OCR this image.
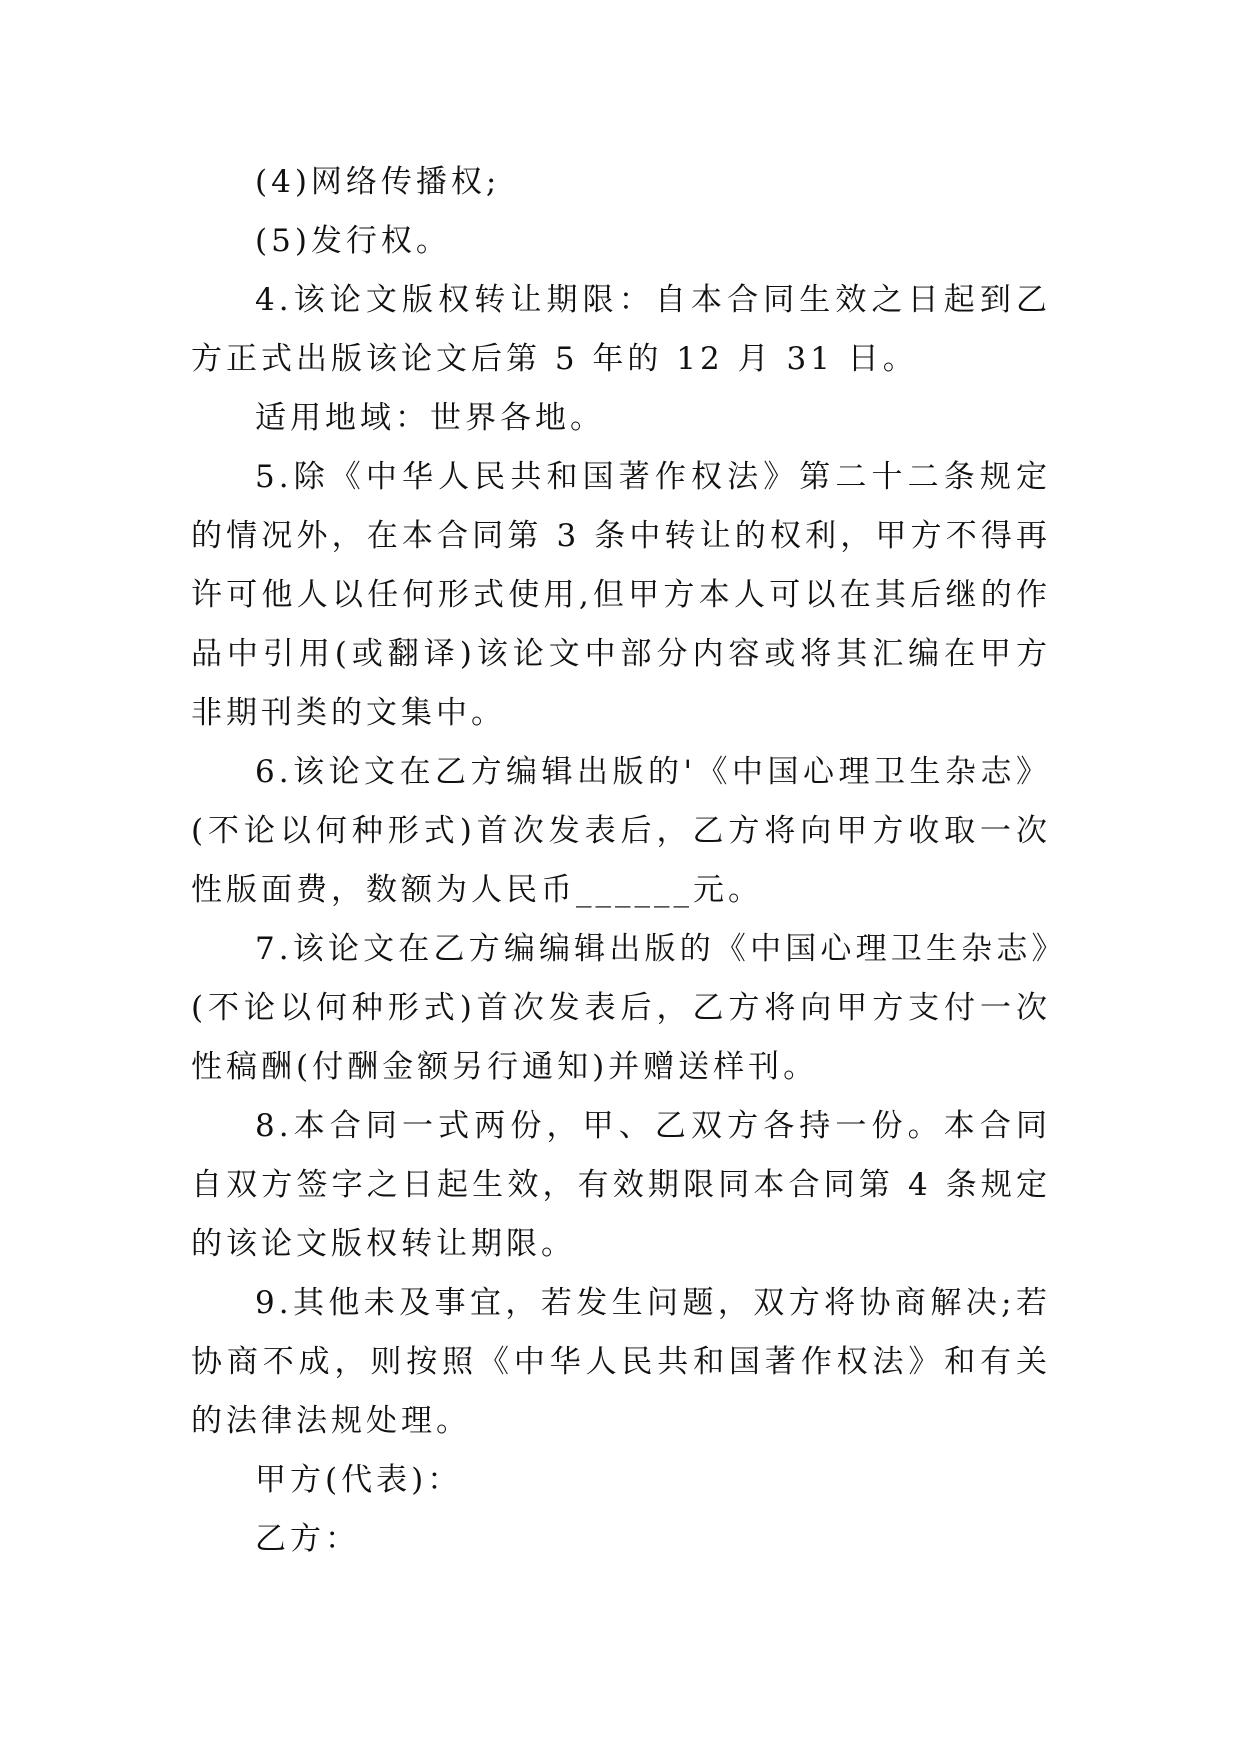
(4)网络传播权;

(5)发行权。

4.该论文版权转让期限：自本合同生效之日起到乙方正式出版该论文后第 5 年的 12 月 31 日。

适用地域：世界各地。

5.除《中华人民共和国著作权法》第二十二条规定的情况外，在本合同第 3 条中转让的权利，甲方不得再许可他人以任何形式使用,但甲方本人可以在其后继的作品中引用(或翻译)该论文中部分内容或将其汇编在甲方非期刊类的文集中。

6.该论文在乙方编辑出版的'《中国心理卫生杂志》(不论以何种形式)首次发表后，乙方将向甲方收取一次性版面费，数额为人民币______元。

7.该论文在乙方编编辑出版的《中国心理卫生杂志》(不论以何种形式)首次发表后，乙方将向甲方支付一次性稿酬(付酬金额另行通知)并赠送样刊。

8.本合同一式两份，甲、乙双方各持一份。本合同自双方签字之日起生效，有效期限同本合同第 4 条规定的该论文版权转让期限。

9.其他未及事宜，若发生问题，双方将协商解决;若协商不成，则按照《中华人民共和国著作权法》和有关的法律法规处理。

甲方(代表)：

乙方：
